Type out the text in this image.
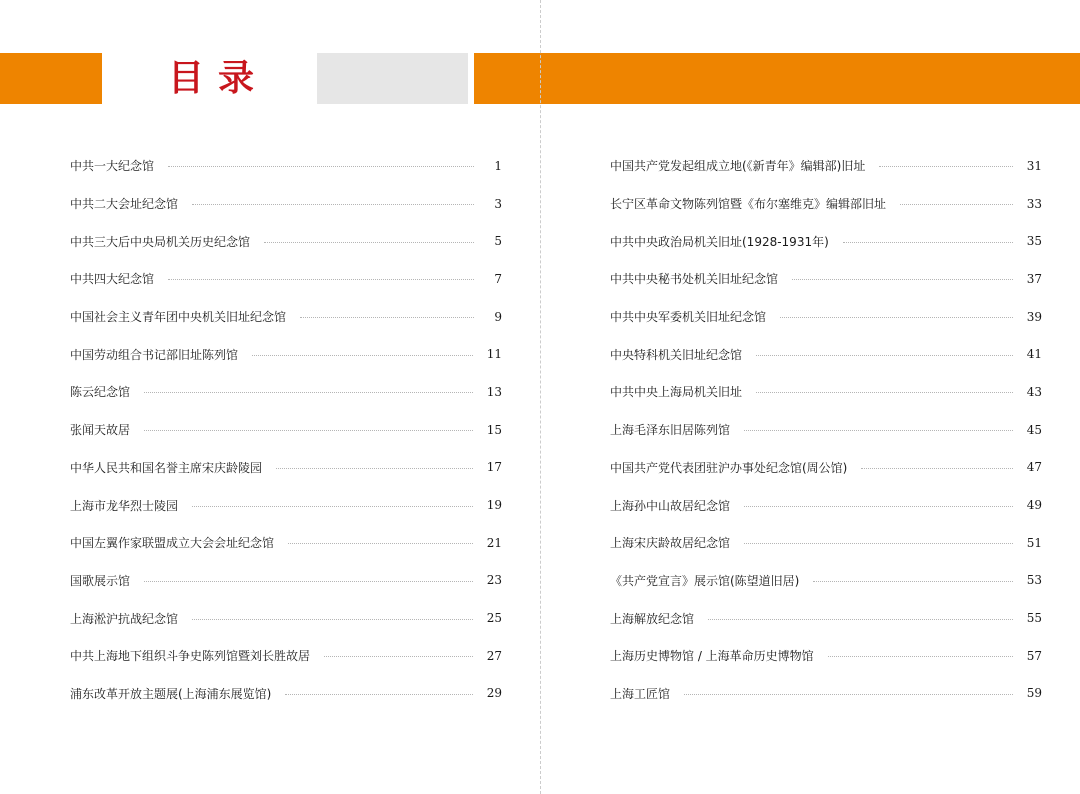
目录
中共一大纪念馆	1
中共二大会址纪念馆	3
中共三大后中央局机关历史纪念馆	5
中共四大纪念馆	7
中国社会主义青年团中央机关旧址纪念馆	9
中国劳动组合书记部旧址陈列馆	11
陈云纪念馆	13
张闻天故居	15
中华人民共和国名誉主席宋庆龄陵园	17
上海市龙华烈士陵园	19
中国左翼作家联盟成立大会会址纪念馆	21
国歌展示馆	23
上海淞沪抗战纪念馆	25
中共上海地下组织斗争史陈列馆暨刘长胜故居	27
浦东改革开放主题展(上海浦东展览馆)	29
中国共产党发起组成立地(《新青年》编辑部)旧址	31
长宁区革命文物陈列馆暨《布尔塞维克》编辑部旧址	33
中共中央政治局机关旧址(1928-1931年)	35
中共中央秘书处机关旧址纪念馆	37
中共中央军委机关旧址纪念馆	39
中央特科机关旧址纪念馆	41
中共中央上海局机关旧址	43
上海毛泽东旧居陈列馆	45
中国共产党代表团驻沪办事处纪念馆(周公馆)	47
上海孙中山故居纪念馆	49
上海宋庆龄故居纪念馆	51
《共产党宣言》展示馆(陈望道旧居)	53
上海解放纪念馆	55
上海历史博物馆 / 上海革命历史博物馆	57
上海工匠馆	59
